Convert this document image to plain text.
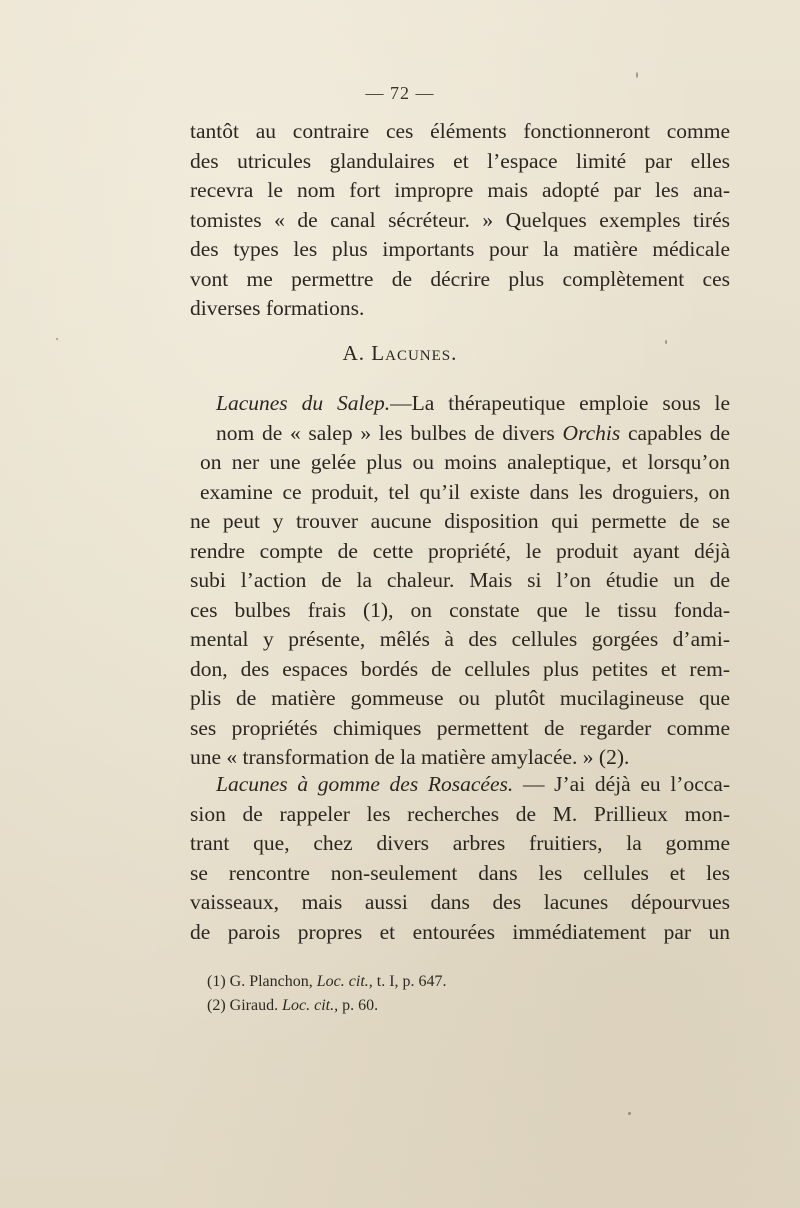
— 72 —
tantôt au contraire ces éléments fonctionneront comme
des utricules glandulaires et l’espace limité par elles
recevra le nom fort impropre mais adopté par les ana-
tomistes « de canal sécréteur. » Quelques exemples tirés
des types les plus importants pour la matière médicale
vont me permettre de décrire plus complètement ces
diverses formations.
A. Lacunes.
Lacunes du Salep.—La thérapeutique emploie sous le
nom de « salep » les bulbes de divers Orchis capables de
on ner une gelée plus ou moins analeptique, et lorsqu’on
examine ce produit, tel qu’il existe dans les droguiers, on
ne peut y trouver aucune disposition qui permette de se
rendre compte de cette propriété, le produit ayant déjà
subi l’action de la chaleur. Mais si l’on étudie un de
ces bulbes frais (1), on constate que le tissu fonda-
mental y présente, mêlés à des cellules gorgées d’ami-
don, des espaces bordés de cellules plus petites et rem-
plis de matière gommeuse ou plutôt mucilagineuse que
ses propriétés chimiques permettent de regarder comme
une « transformation de la matière amylacée. » (2).
Lacunes à gomme des Rosacées. — J’ai déjà eu l’occa-
sion de rappeler les recherches de M. Prillieux mon-
trant que, chez divers arbres fruitiers, la gomme
se rencontre non-seulement dans les cellules et les
vaisseaux, mais aussi dans des lacunes dépourvues
de parois propres et entourées immédiatement par un
(1) G. Planchon, Loc. cit., t. I, p. 647.
(2) Giraud. Loc. cit., p. 60.
